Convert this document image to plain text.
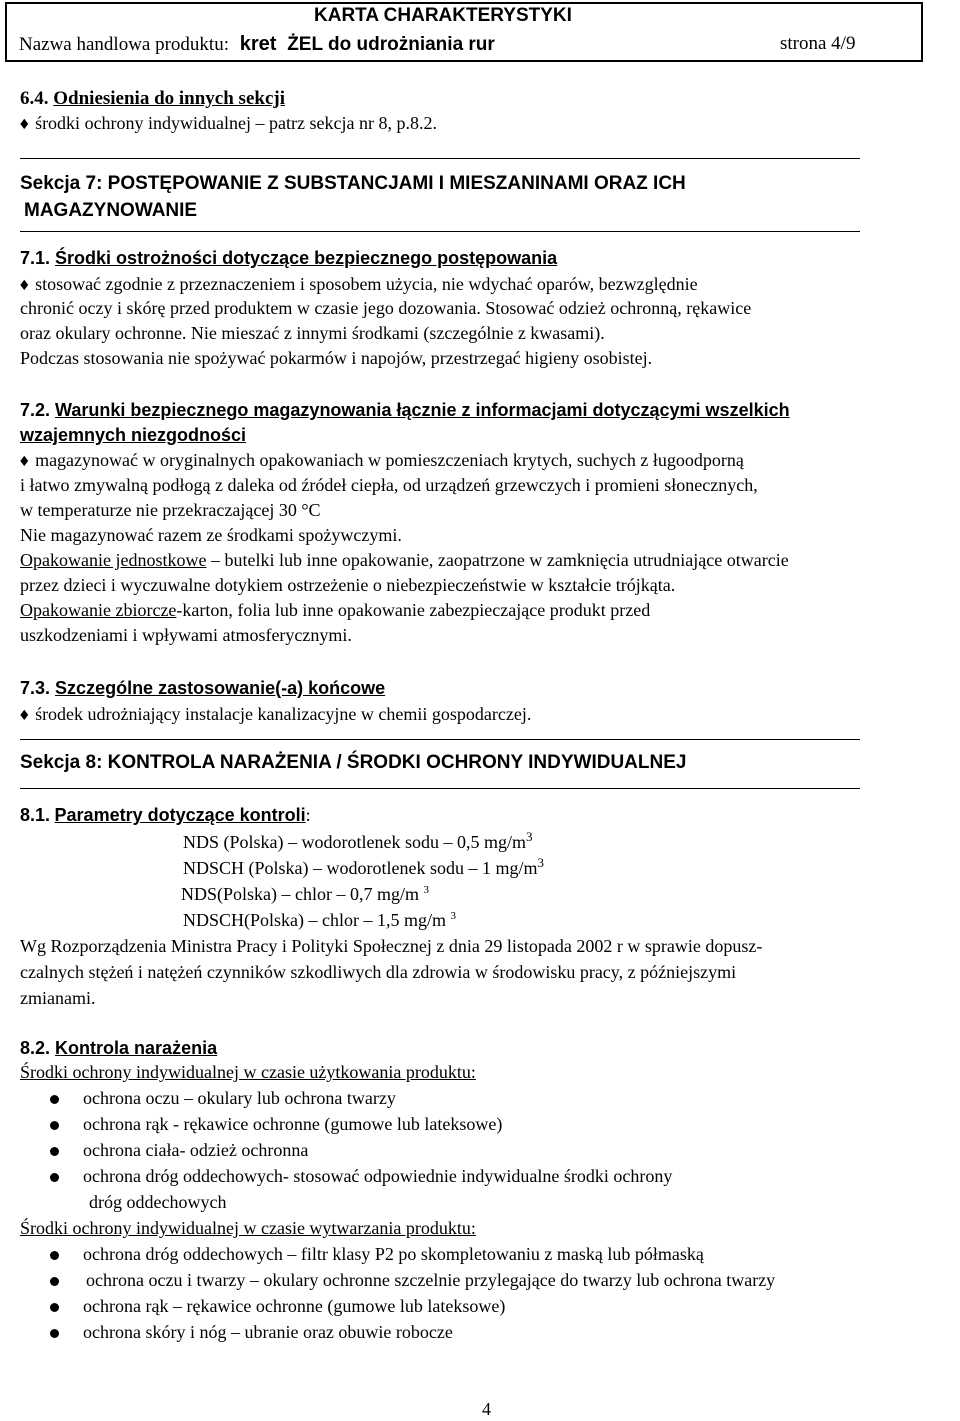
KARTA CHARAKTERYSTYKI
Nazwa handlowa produktu: kret ŻEL do udrożniania rur	strona 4/9
6.4. Odniesienia do innych sekcji
♦ środki ochrony indywidualnej – patrz sekcja nr 8, p.8.2.
Sekcja 7: POSTĘPOWANIE Z SUBSTANCJAMI I MIESZANINAMI ORAZ ICH
MAGAZYNOWANIE
7.1. Środki ostrożności dotyczące bezpiecznego postępowania
♦ stosować zgodnie z przeznaczeniem i sposobem użycia, nie wdychać oparów, bezwzględnie
chronić oczy i skórę przed produktem w czasie jego dozowania. Stosować odzież ochronną, rękawice
oraz okulary ochronne. Nie mieszać z innymi środkami (szczególnie z kwasami).
Podczas stosowania nie spożywać pokarmów i napojów, przestrzegać higieny osobistej.
7.2. Warunki bezpiecznego magazynowania łącznie z informacjami dotyczącymi wszelkich
wzajemnych niezgodności
♦ magazynować w oryginalnych opakowaniach w pomieszczeniach krytych, suchych z ługoodporną
i łatwo zmywalną podłogą z daleka od źródeł ciepła, od urządzeń grzewczych i promieni słonecznych,
w temperaturze nie przekraczającej 30 °C
Nie magazynować razem ze środkami spożywczymi.
Opakowanie jednostkowe – butelki lub inne opakowanie, zaopatrzone w zamknięcia utrudniające otwarcie
przez dzieci i wyczuwalne dotykiem ostrzeżenie o niebezpieczeństwie w kształcie trójkąta.
Opakowanie zbiorcze-karton, folia lub inne opakowanie zabezpieczające produkt przed
uszkodzeniami i wpływami atmosferycznymi.
7.3. Szczególne zastosowanie(-a) końcowe
♦ środek udrożniający instalacje kanalizacyjne w chemii gospodarczej.
Sekcja 8: KONTROLA NARAŻENIA / ŚRODKI OCHRONY INDYWIDUALNEJ
8.1. Parametry dotyczące kontroli:
NDS (Polska) – wodorotlenek sodu – 0,5 $mg/m^3$
NDSCH (Polska) – wodorotlenek sodu – 1 $mg/m^3$
NDS(Polska) – chlor – 0,7 mg/m $^3$
NDSCH(Polska) – chlor – 1,5 mg/m $^3$
Wg Rozporządzenia Ministra Pracy i Polityki Społecznej z dnia 29 listopada 2002 r w sprawie dopusz-
czalnych stężeń i natężeń czynników szkodliwych dla zdrowia w środowisku pracy, z późniejszymi
zmianami.
8.2. Kontrola narażenia
Środki ochrony indywidualnej w czasie użytkowania produktu:
ochrona oczu – okulary lub ochrona twarzy
ochrona rąk - rękawice ochronne (gumowe lub lateksowe)
ochrona ciała- odzież ochronna
ochrona dróg oddechowych- stosować odpowiednie indywidualne środki ochrony
dróg oddechowych
Środki ochrony indywidualnej w czasie wytwarzania produktu:
ochrona dróg oddechowych – filtr klasy P2 po skompletowaniu z maską lub półmaską
ochrona oczu i twarzy – okulary ochronne szczelnie przylegające do twarzy lub ochrona twarzy
ochrona rąk – rękawice ochronne (gumowe lub lateksowe)
ochrona skóry i nóg – ubranie oraz obuwie robocze
4
